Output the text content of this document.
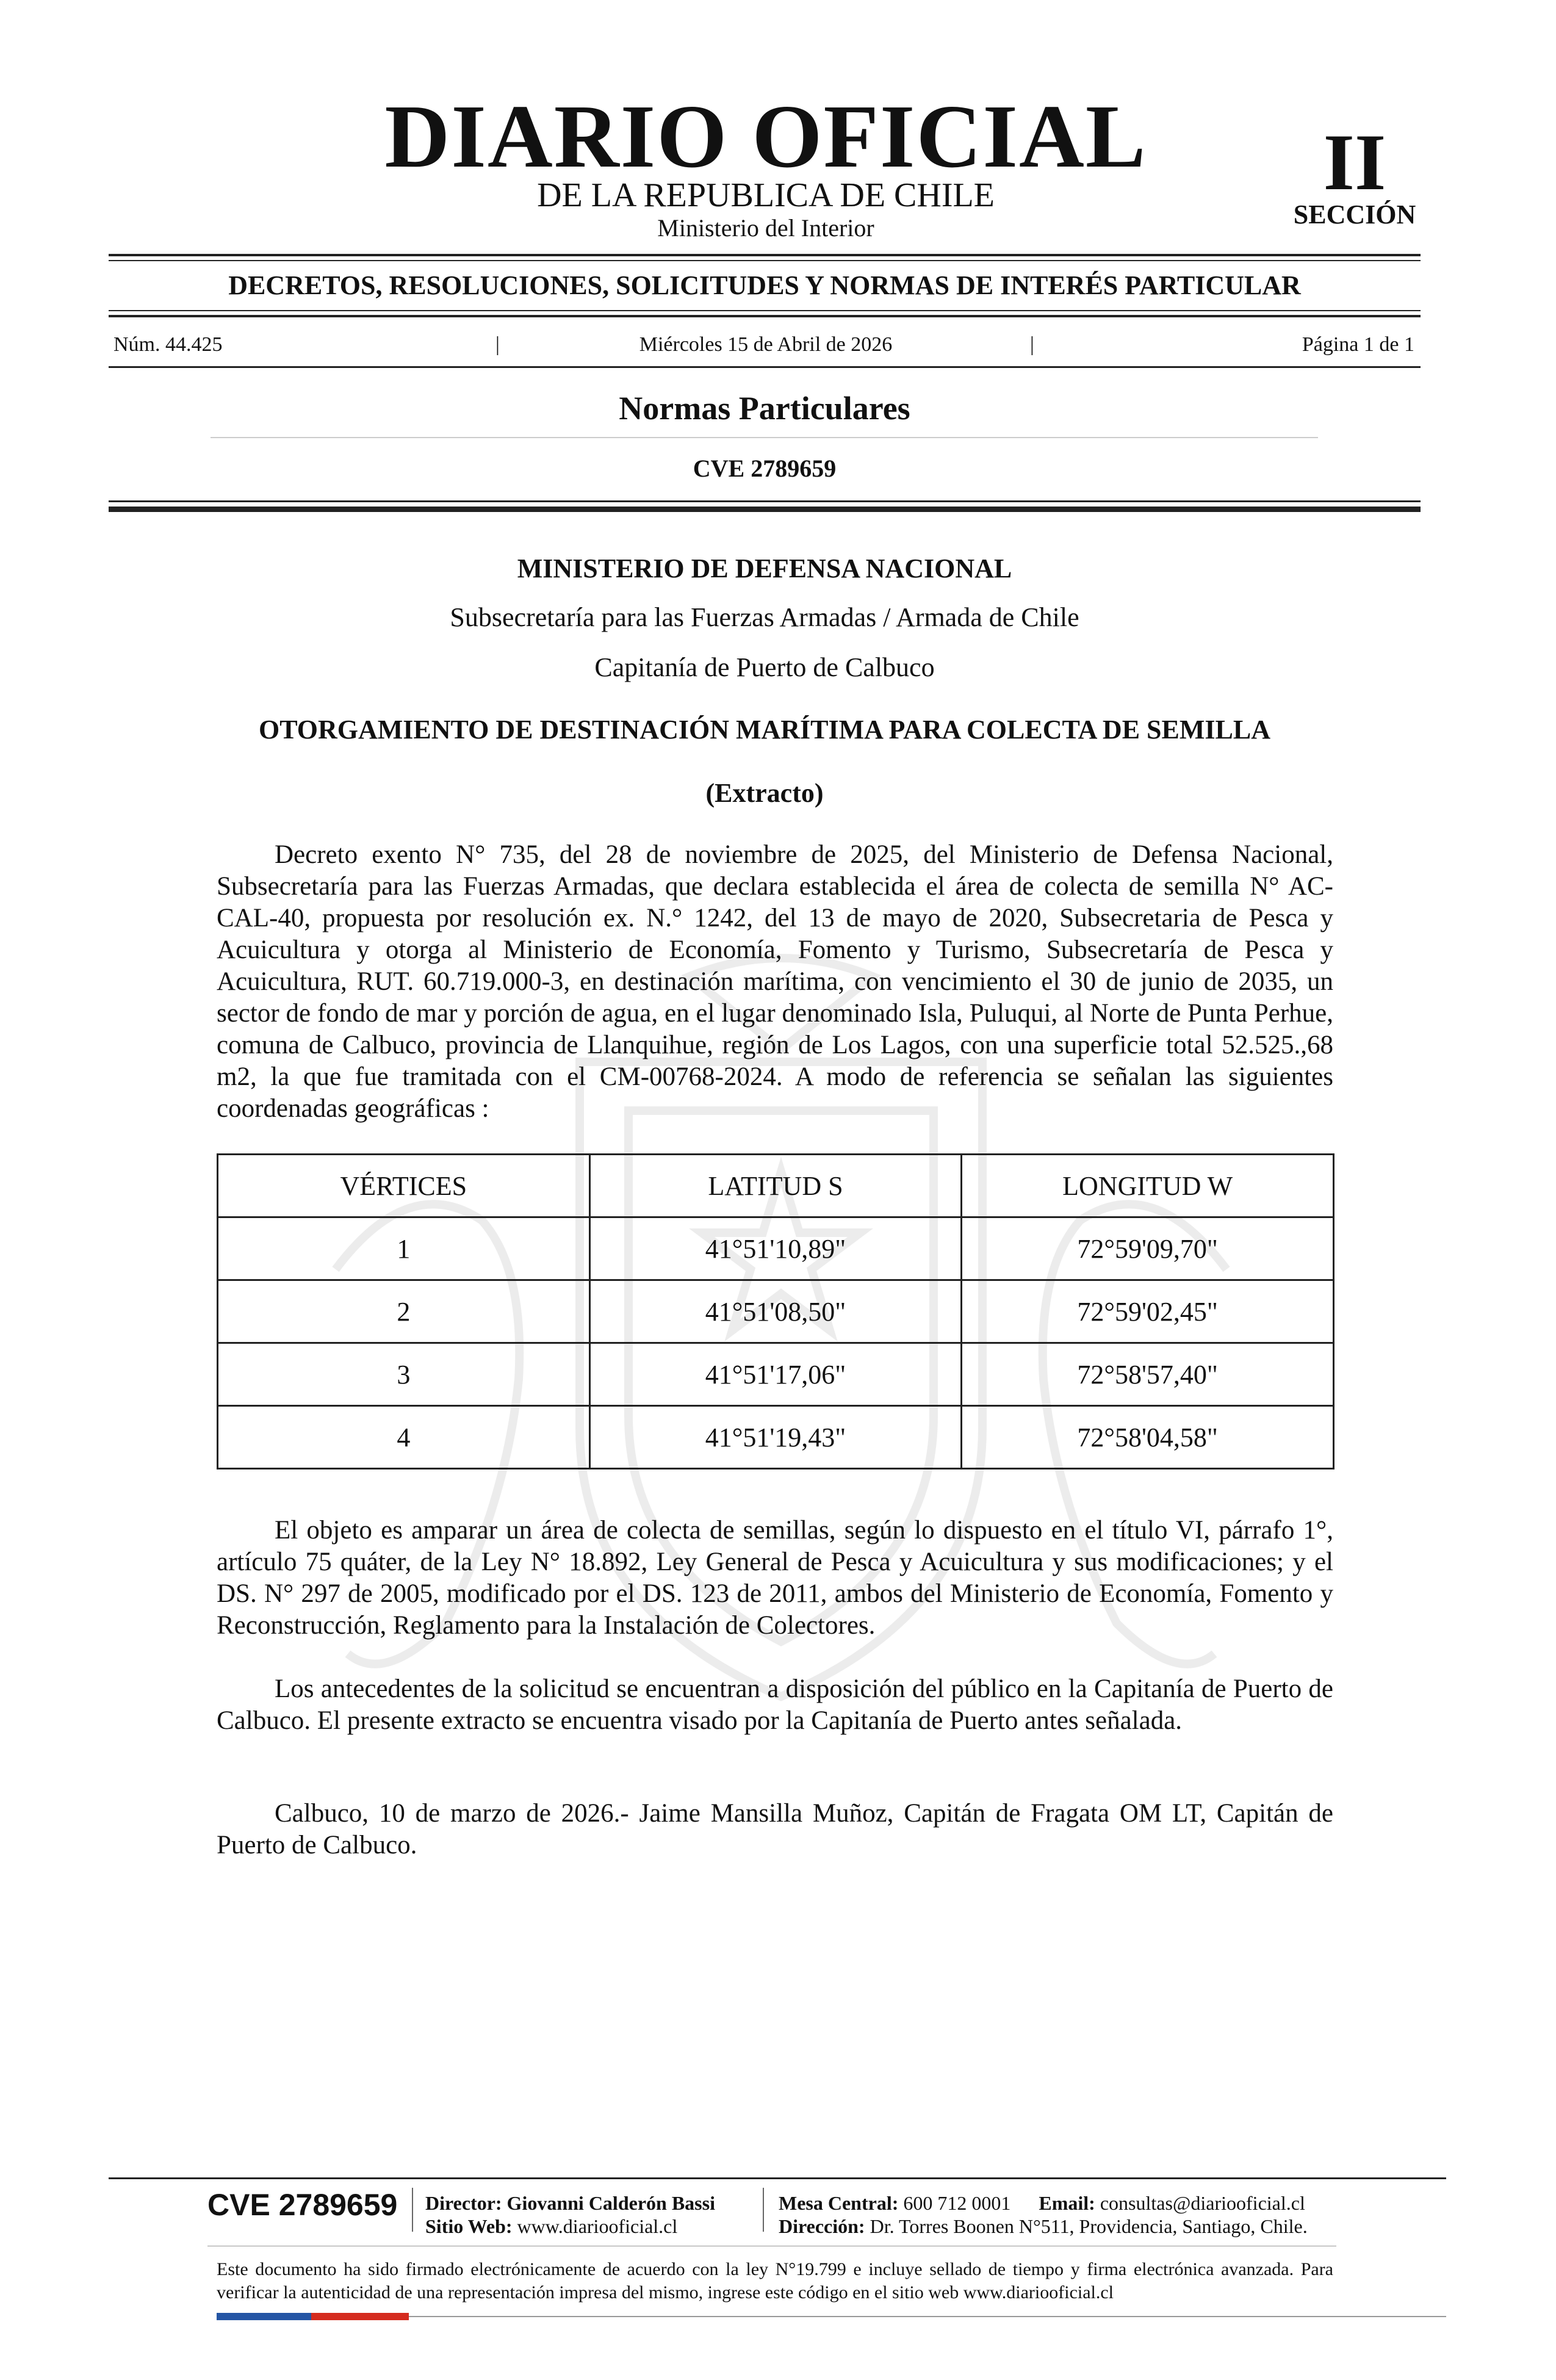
DIARIO OFICIAL
DE LA REPUBLICA DE CHILE
Ministerio del Interior
II
SECCIÓN
DECRETOS, RESOLUCIONES, SOLICITUDES Y NORMAS DE INTERÉS PARTICULAR
Núm. 44.425	|	Miércoles 15 de Abril de 2026	|	Página 1 de 1
Normas Particulares
CVE 2789659
MINISTERIO DE DEFENSA NACIONAL
Subsecretaría para las Fuerzas Armadas / Armada de Chile
Capitanía de Puerto de Calbuco
OTORGAMIENTO DE DESTINACIÓN MARÍTIMA PARA COLECTA DE SEMILLA
(Extracto)

Decreto exento N° 735, del 28 de noviembre de 2025, del Ministerio de Defensa Nacional, Subsecretaría para las Fuerzas Armadas, que declara establecida el área de colecta de semilla N° AC-CAL-40, propuesta por resolución ex. N.° 1242, del 13 de mayo de 2020, Subsecretaria de Pesca y Acuicultura y otorga al Ministerio de Economía, Fomento y Turismo, Subsecretaría de Pesca y Acuicultura, RUT. 60.719.000-3, en destinación marítima, con vencimiento el 30 de junio de 2035, un sector de fondo de mar y porción de agua, en el lugar denominado Isla, Puluqui, al Norte de Punta Perhue, comuna de Calbuco, provincia de Llanquihue, región de Los Lagos, con una superficie total 52.525.,68 m2, la que fue tramitada con el CM-00768-2024. A modo de referencia se señalan las siguientes coordenadas geográficas :

VÉRTICES	LATITUD S	LONGITUD W
1	41°51'10,89"	72°59'09,70"
2	41°51'08,50"	72°59'02,45"
3	41°51'17,06"	72°58'57,40"
4	41°51'19,43"	72°58'04,58"

El objeto es amparar un área de colecta de semillas, según lo dispuesto en el título VI, párrafo 1°, artículo 75 quáter, de la Ley N° 18.892, Ley General de Pesca y Acuicultura y sus modificaciones; y el DS. N° 297 de 2005, modificado por el DS. 123 de 2011, ambos del Ministerio de Economía, Fomento y Reconstrucción, Reglamento para la Instalación de Colectores.

Los antecedentes de la solicitud se encuentran a disposición del público en la Capitanía de Puerto de Calbuco. El presente extracto se encuentra visado por la Capitanía de Puerto antes señalada.

Calbuco, 10 de marzo de 2026.- Jaime Mansilla Muñoz, Capitán de Fragata OM LT, Capitán de Puerto de Calbuco.

CVE 2789659 Director: Giovanni Calderón Bassi
Sitio Web: www.diariooficial.cl
Mesa Central: 600 712 0001 Email: consultas@diariooficial.cl
Dirección: Dr. Torres Boonen N°511, Providencia, Santiago, Chile.
Este documento ha sido firmado electrónicamente de acuerdo con la ley N°19.799 e incluye sellado de tiempo y firma electrónica avanzada. Para verificar la autenticidad de una representación impresa del mismo, ingrese este código en el sitio web www.diariooficial.cl
